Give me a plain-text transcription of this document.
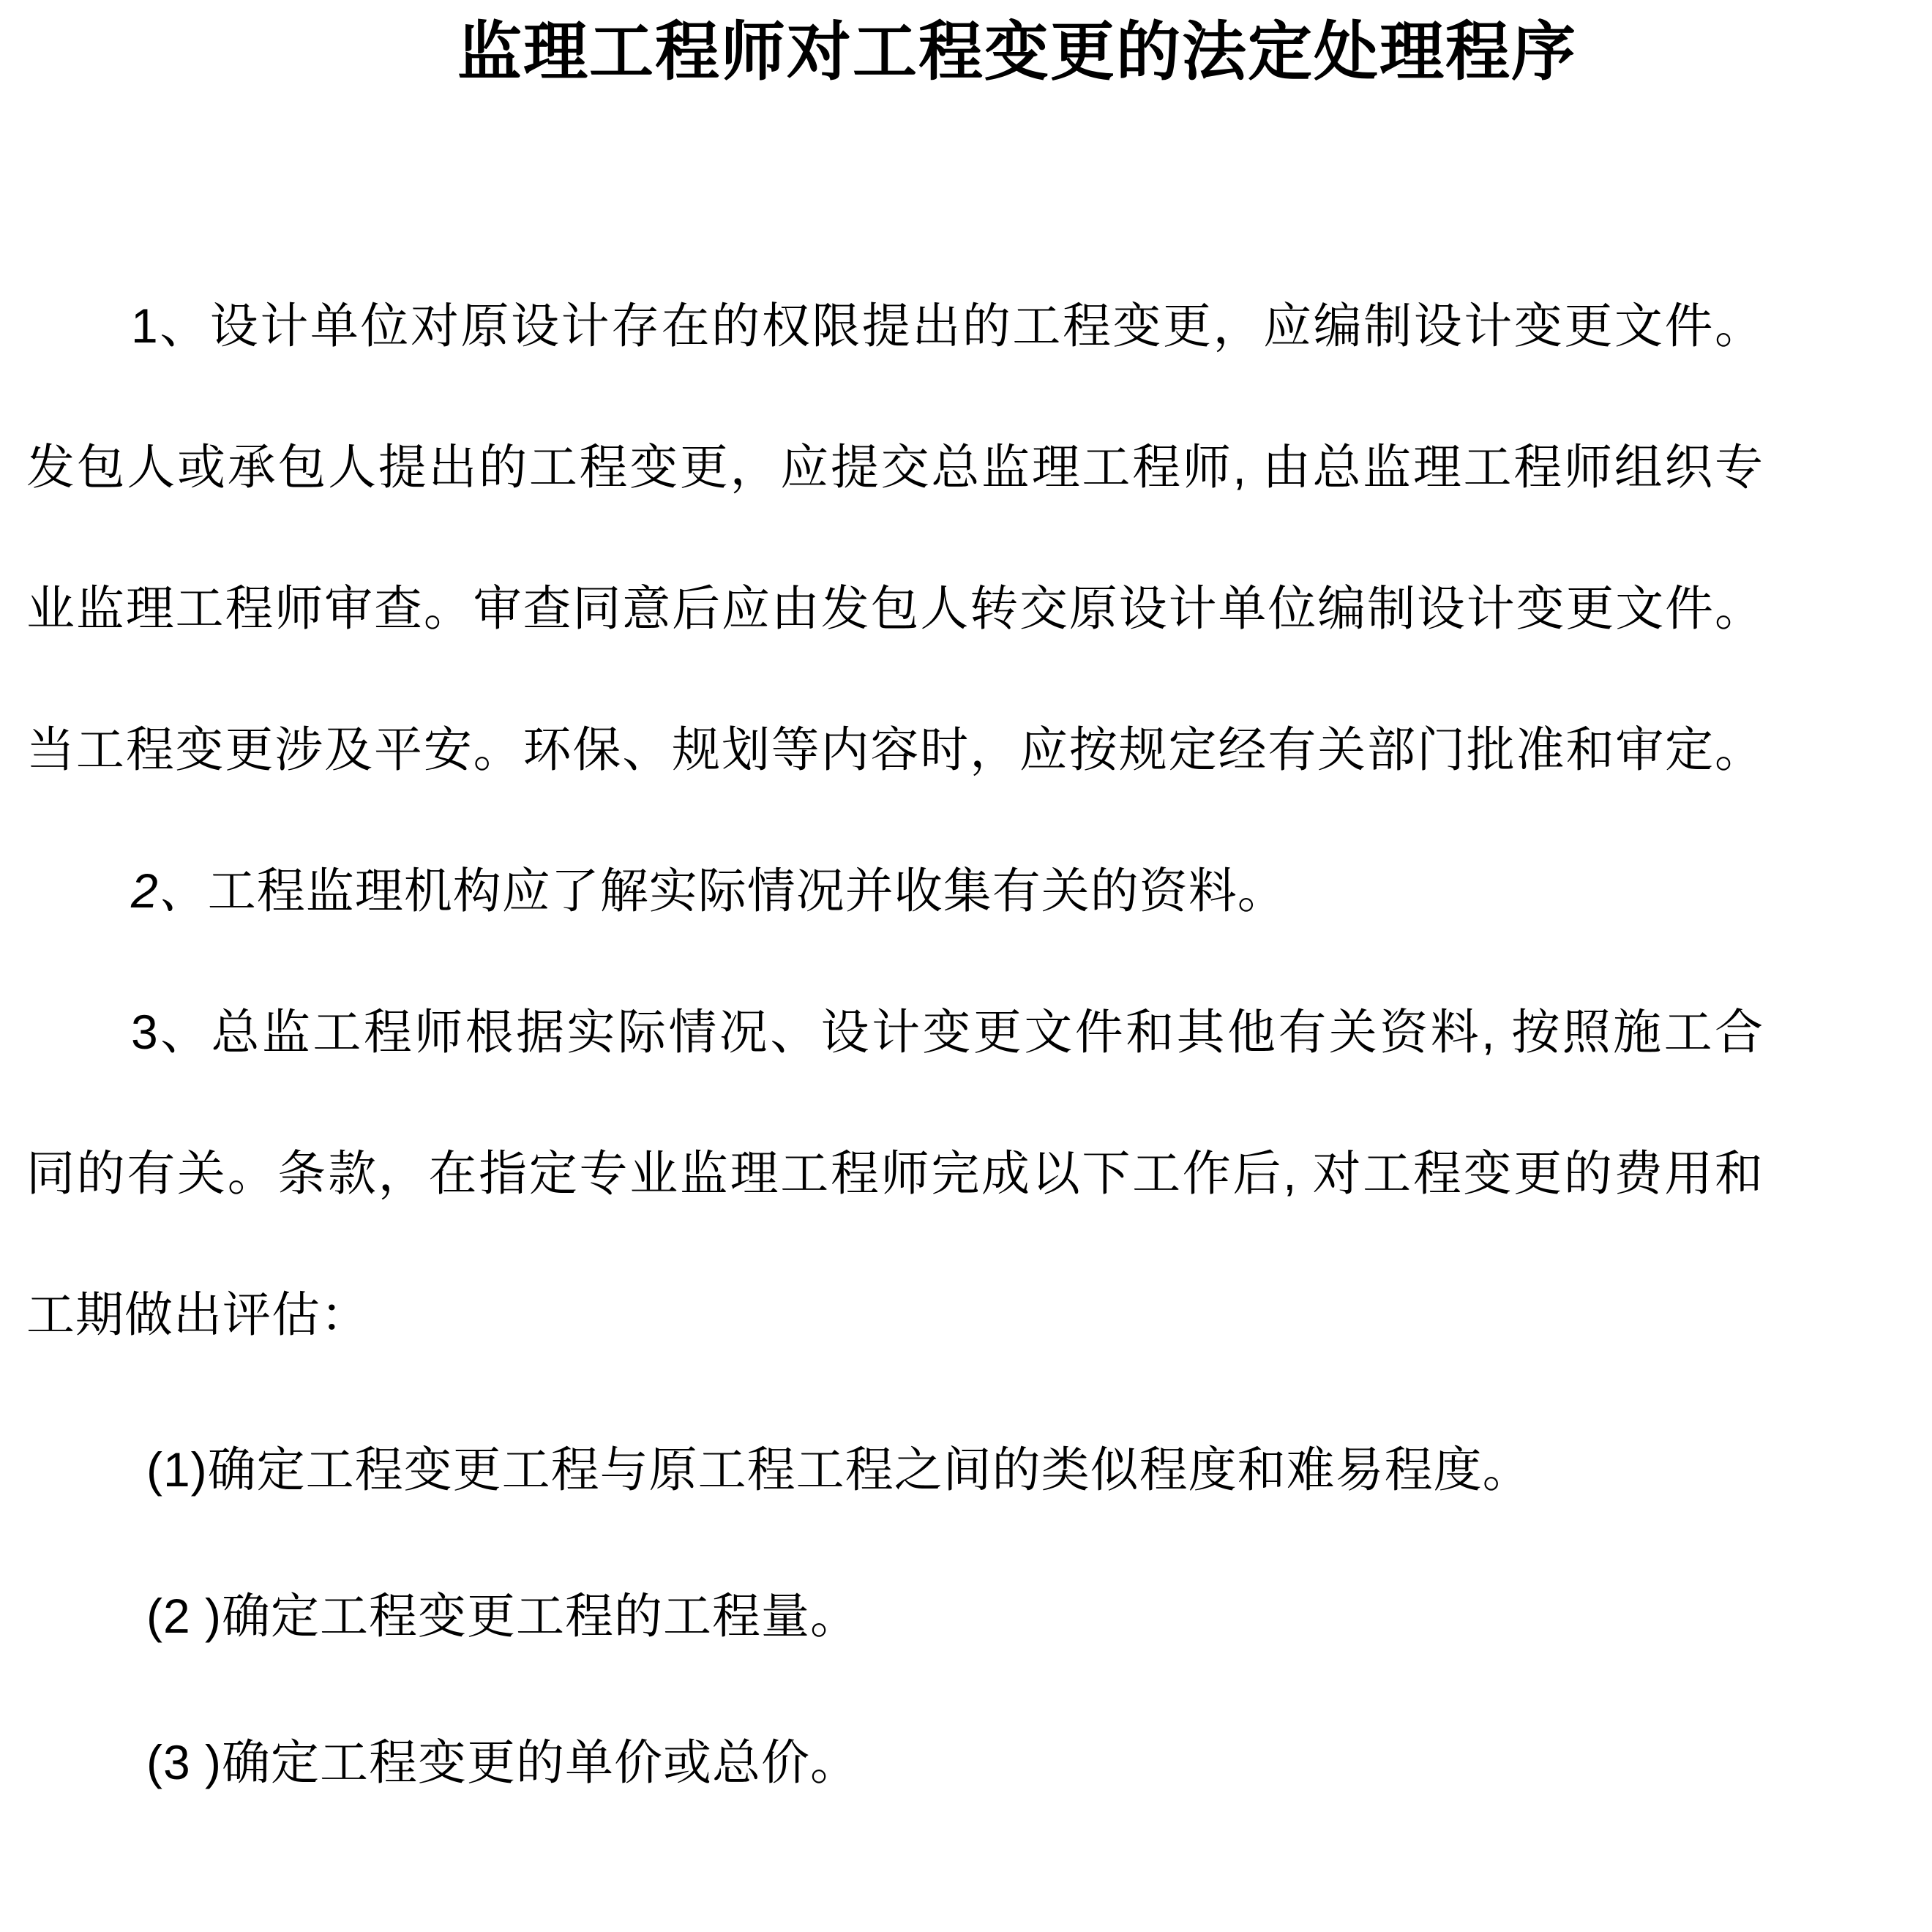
监理工程师对工程变更的法定处理程序
1、设计单位对原设计存在的权限提出的工程变更，应编制设计变更文件。
发包人或承包人提出的工程变更，应提交总监理工程师, 由总监理工程师组织专
业监理工程师审查。审查同意后应由发包人转交原设计单位编制设计变更文件。
当工程变更涉及平安。环保、规划等内容时，应按规定经有关部门批准和审定。
2、工程监理机构应了解实际情况并收集有关的资料。
3、总监工程师根据实际情况、设计变更文件和其他有关资料, 按照施工合
同的有关。条款，在指定专业监理工程师完成以下工作后, 对工程变更的费用和
工期做出评估：
(1)确定工程变更工程与原工程工程之间的类似程度和难易程度。
(2 )确定工程变更工程的工程量。
(3 )确定工程变更的单价或总价。
